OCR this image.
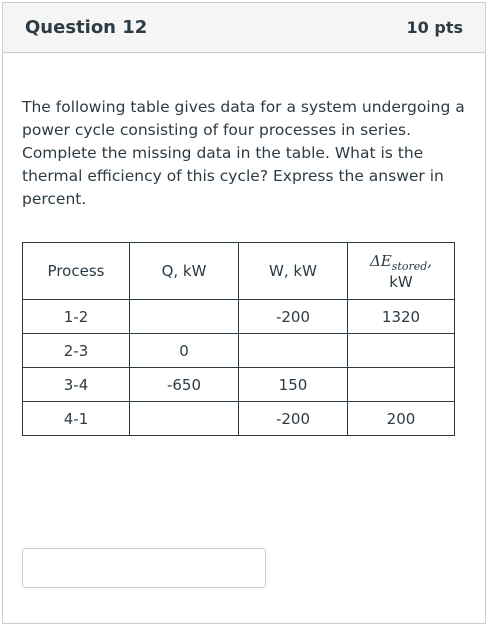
Question 12	10 pts

The following table gives data for a system undergoing a power cycle consisting of four processes in series. Complete the missing data in the table. What is the thermal efficiency of this cycle? Express the answer in percent.

Process	Q, kW	W, kW	$\Delta E_{stored}$,
kW
1-2		-200	1320
2-3	0		
3-4	-650	150	
4-1		-200	200
